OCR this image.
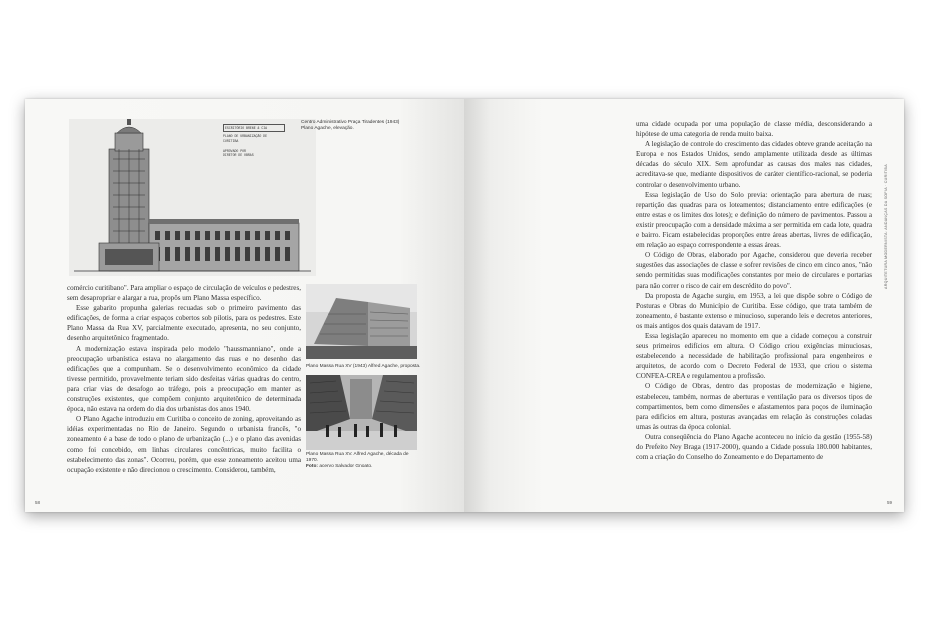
ESCRITÓRIO BRENE & CIA
PLANO DE URBANIZAÇÃO DE
CURITIBA
APROVADO POR
DIRETOR DE OBRAS
Centro Administrativo Praça Tiradentes (1943) Plano Agache, elevação.

comércio curitibano". Para ampliar o espaço de circulação de veículos e pedestres, sem desapropriar e alargar a rua, propôs um Plano Massa específico.

Esse gabarito propunha galerias recuadas sob o primeiro pavimento das edificações, de forma a criar espaços cobertos sob pilotis, para os pedestres. Este Plano Massa da Rua XV, parcialmente executado, apresenta, no seu conjunto, desenho arquitetônico fragmentado.

A modernização estava inspirada pelo modelo "haussmanniano", onde a preocupação urbanística estava no alargamento das ruas e no desenho das edificações que a compunham. Se o desenvolvimento econômico da cidade tivesse permitido, provavelmente teriam sido desfeitas várias quadras do centro, para criar vias de desafogo ao tráfego, pois a preocupação em manter as construções existentes, que compõem conjunto arquitetônico de determinada época, não estava na ordem do dia dos urbanistas dos anos 1940.

O Plano Agache introduziu em Curitiba o conceito de zoning, aproveitando as idéias experimentadas no Rio de Janeiro. Segundo o urbanista francês, "o zoneamento é a base de todo o plano de urbanização (...) e o plano das avenidas como foi concebido, em linhas circulares concêntricas, muito facilita o estabelecimento das zonas". Ocorreu, porém, que esse zoneamento aceitou uma ocupação existente e não direcionou o crescimento. Considerou, também,

Plano Massa Rua XV (1943) Alfred Agache, proposta.
Plano Massa Rua XV. Alfred Agache, década de 1970.
Foto: acervo Salvador Gnoato.
58

uma cidade ocupada por uma população de classe média, desconsiderando a hipótese de uma categoria de renda muito baixa.

A legislação de controle do crescimento das cidades obteve grande aceitação na Europa e nos Estados Unidos, sendo amplamente utilizada desde as últimas décadas do século XIX. Sem aprofundar as causas dos males nas cidades, acreditava-se que, mediante dispositivos de caráter científico-racional, se poderia controlar o desenvolvimento urbano.

Essa legislação de Uso do Solo previa: orientação para abertura de ruas; repartição das quadras para os loteamentos; distanciamento entre edificações (e entre estas e os limites dos lotes); e definição do número de pavimentos. Passou a existir preocupação com a densidade máxima a ser permitida em cada lote, quadra e bairro. Ficam estabelecidas proporções entre áreas abertas, livres de edificação, em relação ao espaço correspondente a essas áreas.

O Código de Obras, elaborado por Agache, considerou que deveria receber sugestões das associações de classe e sofrer revisões de cinco em cinco anos, "não sendo permitidas suas modificações constantes por meio de circulares e portarias para não correr o risco de cair em descrédito do povo".

Da proposta de Agache surgiu, em 1953, a lei que dispõe sobre o Código de Posturas e Obras do Município de Curitiba. Esse código, que trata também de zoneamento, é bastante extenso e minucioso, superando leis e decretos anteriores, os mais antigos dos quais datavam de 1917.

Essa legislação apareceu no momento em que a cidade começou a construir seus primeiros edifícios em altura. O Código criou exigências minuciosas, estabelecendo a necessidade de habilitação profissional para engenheiros e arquitetos, de acordo com o Decreto Federal de 1933, que criou o sistema CONFEA-CREA e regulamentou a profissão.

O Código de Obras, dentro das propostas de modernização e higiene, estabeleceu, também, normas de aberturas e ventilação para os diversos tipos de compartimentos, bem como dimensões e afastamentos para poços de iluminação para edifícios em altura, posturas avançadas em relação às construções coladas umas às outras da época colonial.

Outra conseqüência do Plano Agache aconteceu no início da gestão (1955-58) do Prefeito Ney Braga (1917-2000), quando a Cidade possuía 180.000 habitantes, com a criação do Conselho do Zoneamento e do Departamento de

ARQUITETURA MODERNISTA: ANDANÇAS DA SOFIA · CURITIBA
59
